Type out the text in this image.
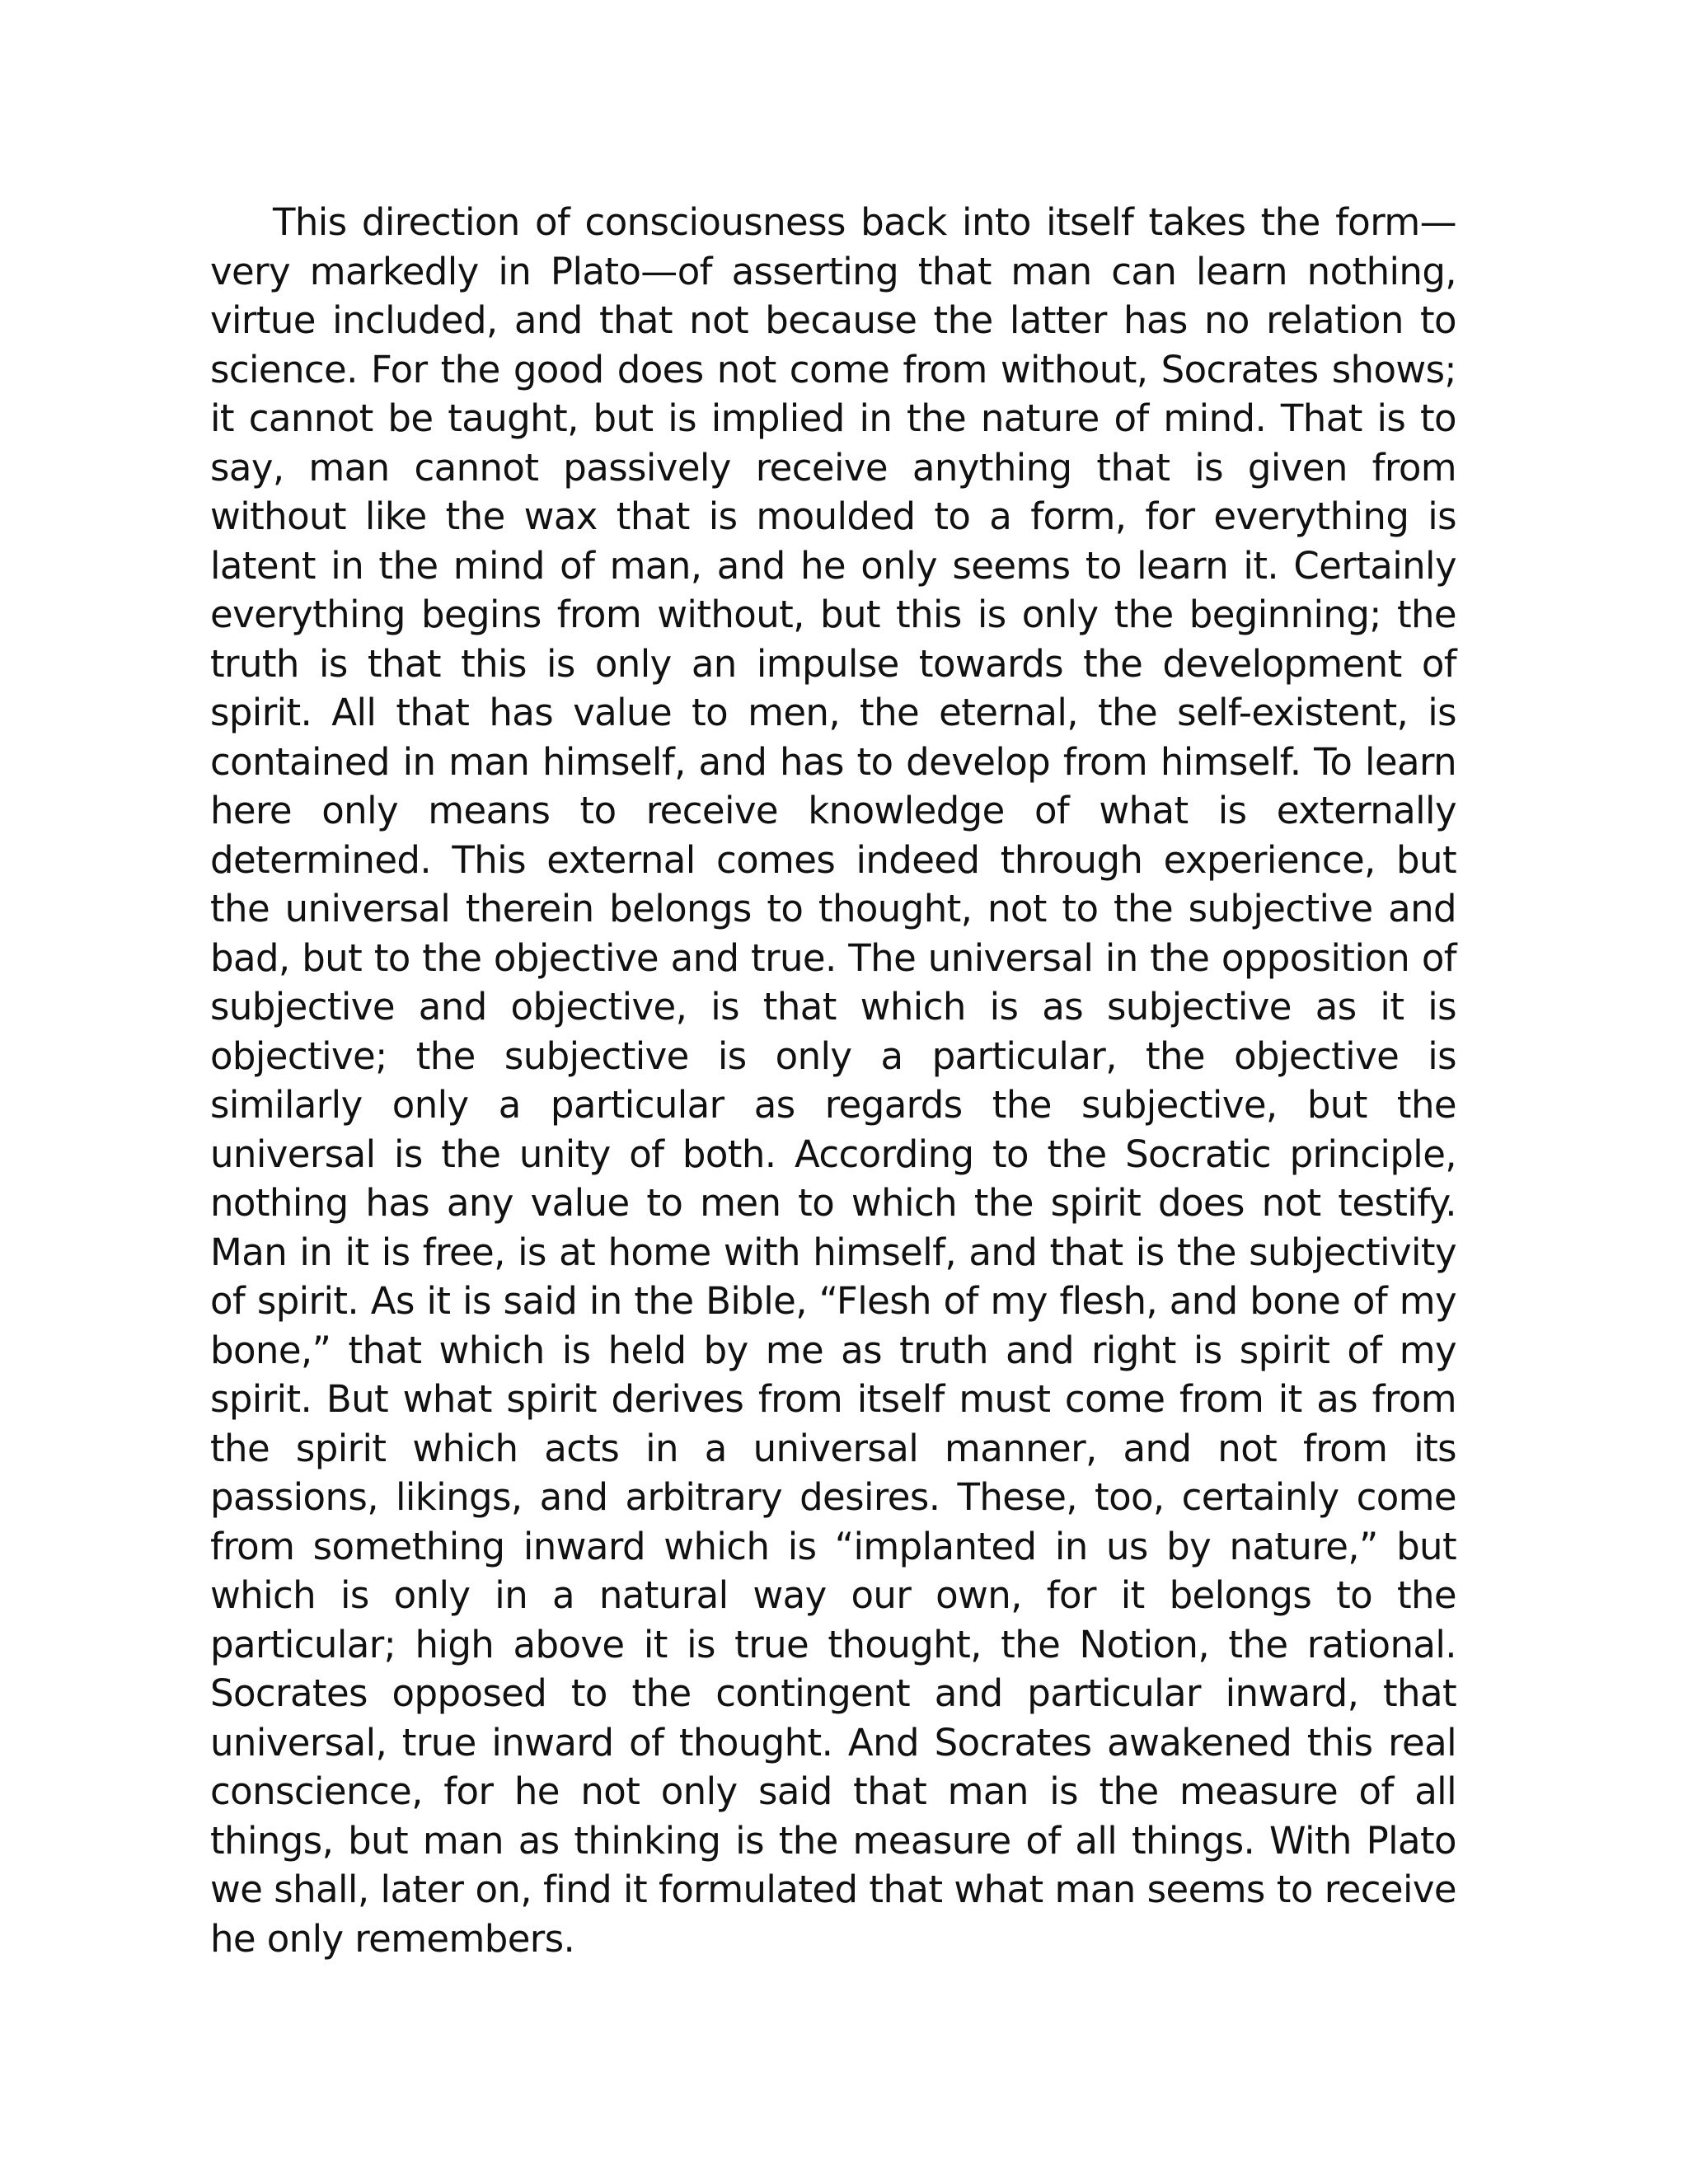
This direction of consciousness back into itself takes the form—very markedly in Plato—of asserting that man can learn nothing, virtue included, and that not because the latter has no relation to science. For the good does not come from without, Socrates shows; it cannot be taught, but is implied in the nature of mind. That is to say, man cannot passively receive anything that is given from without like the wax that is moulded to a form, for everything is latent in the mind of man, and he only seems to learn it. Certainly everything begins from without, but this is only the beginning; the truth is that this is only an impulse towards the development of spirit. All that has value to men, the eternal, the self-existent, is contained in man himself, and has to develop from himself. To learn here only means to receive knowledge of what is externally determined. This external comes indeed through experience, but the universal therein belongs to thought, not to the subjective and bad, but to the objective and true. The universal in the opposition of subjective and objective, is that which is as subjective as it is objective; the subjective is only a particular, the objective is similarly only a particular as regards the subjective, but the universal is the unity of both. According to the Socratic principle, nothing has any value to men to which the spirit does not testify. Man in it is free, is at home with himself, and that is the subjectivity of spirit. As it is said in the Bible, “Flesh of my flesh, and bone of my bone,” that which is held by me as truth and right is spirit of my spirit. But what spirit derives from itself must come from it as from the spirit which acts in a universal manner, and not from its passions, likings, and arbitrary desires. These, too, certainly come from something inward which is “implanted in us by nature,” but which is only in a natural way our own, for it belongs to the particular; high above it is true thought, the Notion, the rational. Socrates opposed to the contingent and particular inward, that universal, true inward of thought. And Socrates awakened this real conscience, for he not only said that man is the measure of all things, but man as thinking is the measure of all things. With Plato we shall, later on, find it formulated that what man seems to receive he only remembers.
